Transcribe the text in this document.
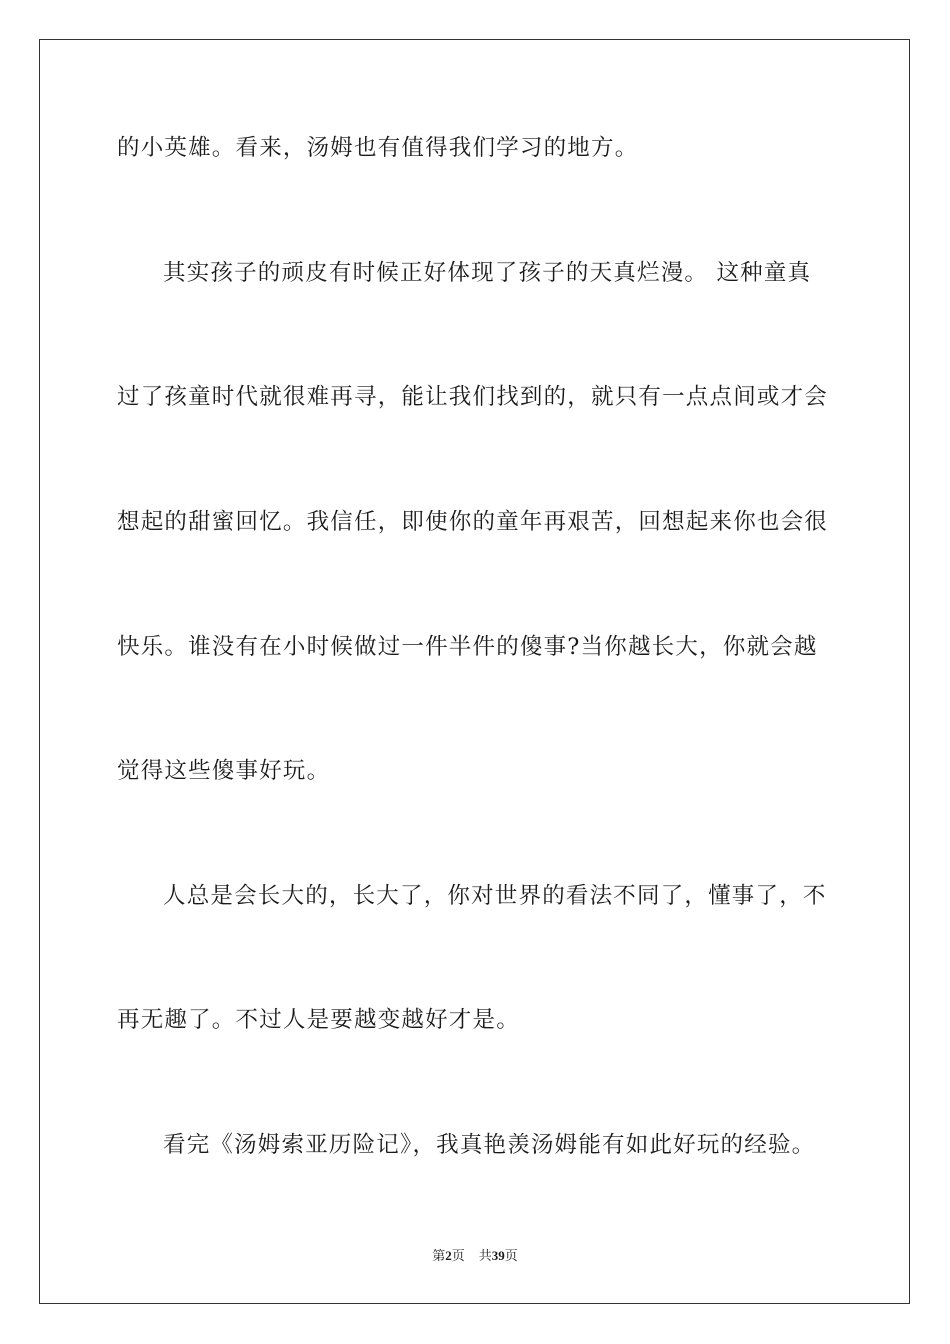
的小英雄。看来，汤姆也有值得我们学习的地方。
其实孩子的顽皮有时候正好体现了孩子的天真烂漫。 这种童真
过了孩童时代就很难再寻，能让我们找到的，就只有一点点间或才会
想起的甜蜜回忆。我信任，即使你的童年再艰苦，回想起来你也会很
快乐。谁没有在小时候做过一件半件的傻事?当你越长大，你就会越
觉得这些傻事好玩。
人总是会长大的，长大了，你对世界的看法不同了，懂事了，不
再无趣了。不过人是要越变越好才是。
看完《汤姆索亚历险记》，我真艳羡汤姆能有如此好玩的经验。
第2页 共39页
